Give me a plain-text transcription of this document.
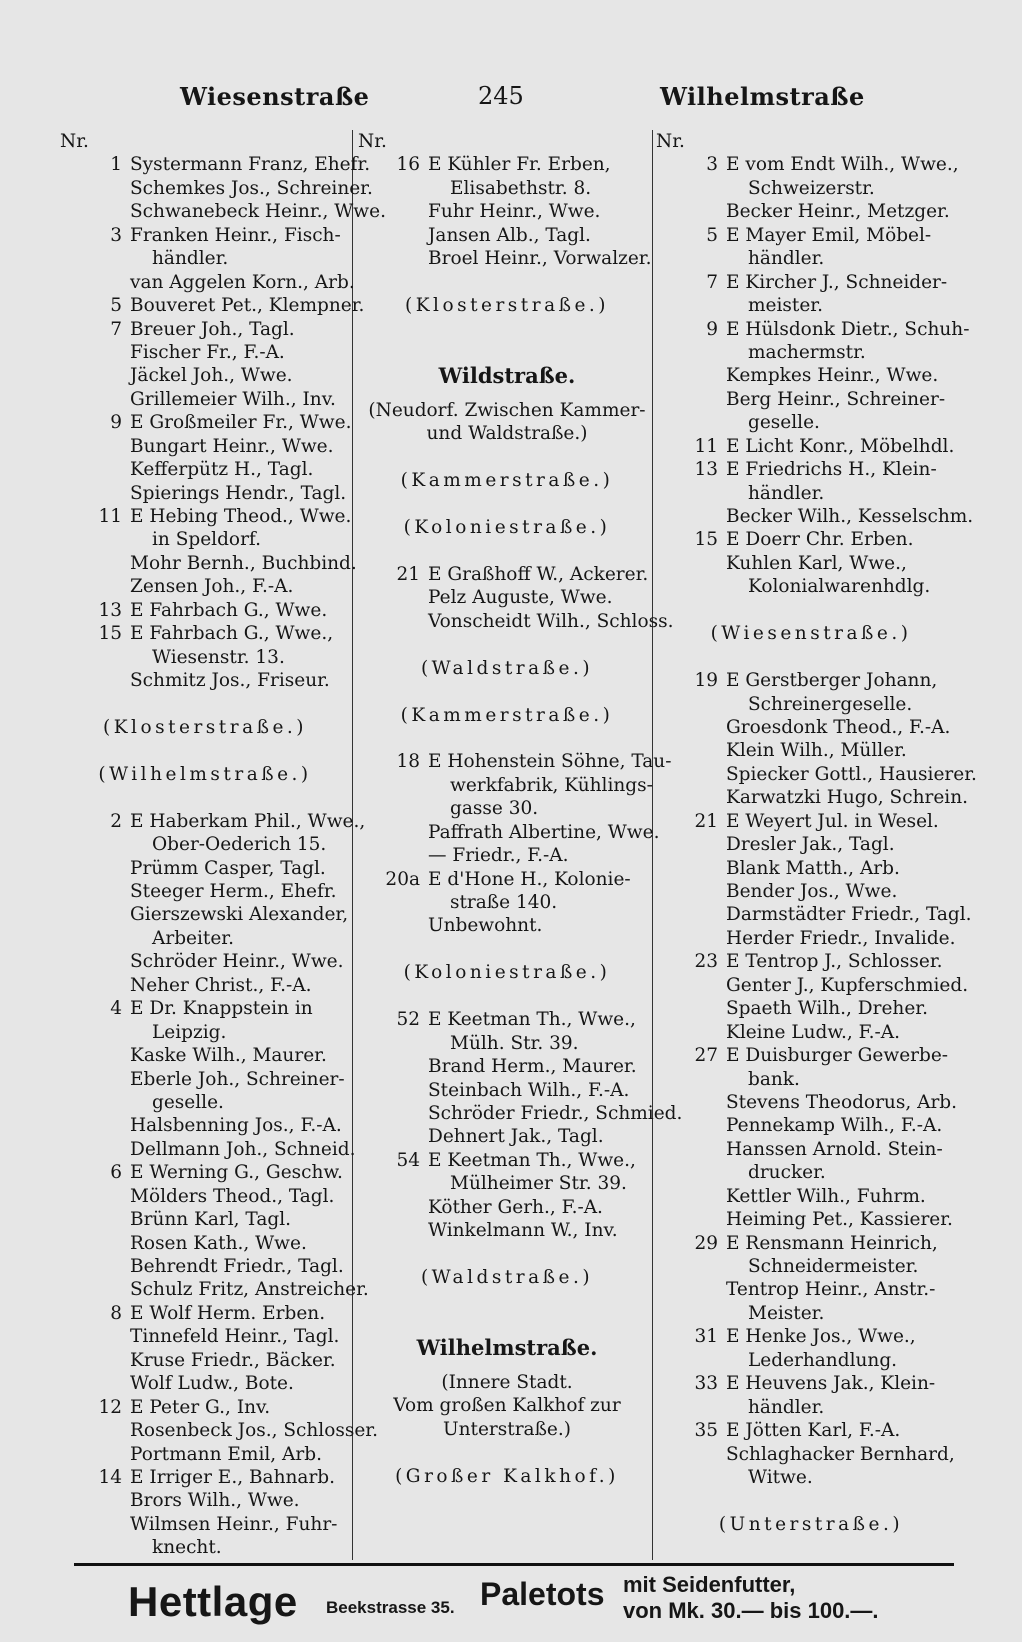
Wiesenstraße	245	Wilhelmstraße
Nr.
1 Systermann Franz, Ehefr.
Schemkes Jos., Schreiner.
Schwanebeck Heinr., Wwe.
3 Franken Heinr., Fisch-
händler.
van Aggelen Korn., Arb.
5 Bouveret Pet., Klempner.
7 Breuer Joh., Tagl.
Fischer Fr., F.-A.
Jäckel Joh., Wwe.
Grillemeier Wilh., Inv.
9 E Großmeiler Fr., Wwe.
Bungart Heinr., Wwe.
Kefferpütz H., Tagl.
Spierings Hendr., Tagl.
11 E Hebing Theod., Wwe.
in Speldorf.
Mohr Bernh., Buchbind.
Zensen Joh., F.-A.
13 E Fahrbach G., Wwe.
15 E Fahrbach G., Wwe.,
Wiesenstr. 13.
Schmitz Jos., Friseur.
(Klosterstraße.)
(Wilhelmstraße.)
2 E Haberkam Phil., Wwe.,
Ober-Oederich 15.
Prümm Casper, Tagl.
Steeger Herm., Ehefr.
Gierszewski Alexander,
Arbeiter.
Schröder Heinr., Wwe.
Neher Christ., F.-A.
4 E Dr. Knappstein in
Leipzig.
Kaske Wilh., Maurer.
Eberle Joh., Schreiner-
geselle.
Halsbenning Jos., F.-A.
Dellmann Joh., Schneid.
6 E Werning G., Geschw.
Mölders Theod., Tagl.
Brünn Karl, Tagl.
Rosen Kath., Wwe.
Behrendt Friedr., Tagl.
Schulz Fritz, Anstreicher.
8 E Wolf Herm. Erben.
Tinnefeld Heinr., Tagl.
Kruse Friedr., Bäcker.
Wolf Ludw., Bote.
12 E Peter G., Inv.
Rosenbeck Jos., Schlosser.
Portmann Emil, Arb.
14 E Irriger E., Bahnarb.
Brors Wilh., Wwe.
Wilmsen Heinr., Fuhr-
knecht.
Nr.
16 E Kühler Fr. Erben,
Elisabethstr. 8.
Fuhr Heinr., Wwe.
Jansen Alb., Tagl.
Broel Heinr., Vorwalzer.
(Klosterstraße.)
Wildstraße.
(Neudorf. Zwischen Kammer-
und Waldstraße.)
(Kammerstraße.)
(Koloniestraße.)
21 E Graßhoff W., Ackerer.
Pelz Auguste, Wwe.
Vonscheidt Wilh., Schloss.
(Waldstraße.)
(Kammerstraße.)
18 E Hohenstein Söhne, Tau-
werkfabrik, Kühlings-
gasse 30.
Paffrath Albertine, Wwe.
— Friedr., F.-A.
20a E d'Hone H., Kolonie-
straße 140.
Unbewohnt.
(Koloniestraße.)
52 E Keetman Th., Wwe.,
Mülh. Str. 39.
Brand Herm., Maurer.
Steinbach Wilh., F.-A.
Schröder Friedr., Schmied.
Dehnert Jak., Tagl.
54 E Keetman Th., Wwe.,
Mülheimer Str. 39.
Köther Gerh., F.-A.
Winkelmann W., Inv.
(Waldstraße.)
Wilhelmstraße.
(Innere Stadt.
Vom großen Kalkhof zur
Unterstraße.)
(Großer Kalkhof.)
Nr.
3 E vom Endt Wilh., Wwe.,
Schweizerstr.
Becker Heinr., Metzger.
5 E Mayer Emil, Möbel-
händler.
7 E Kircher J., Schneider-
meister.
9 E Hülsdonk Dietr., Schuh-
machermstr.
Kempkes Heinr., Wwe.
Berg Heinr., Schreiner-
geselle.
11 E Licht Konr., Möbelhdl.
13 E Friedrichs H., Klein-
händler.
Becker Wilh., Kesselschm.
15 E Doerr Chr. Erben.
Kuhlen Karl, Wwe.,
Kolonialwarenhdlg.
(Wiesenstraße.)
19 E Gerstberger Johann,
Schreinergeselle.
Groesdonk Theod., F.-A.
Klein Wilh., Müller.
Spiecker Gottl., Hausierer.
Karwatzki Hugo, Schrein.
21 E Weyert Jul. in Wesel.
Dresler Jak., Tagl.
Blank Matth., Arb.
Bender Jos., Wwe.
Darmstädter Friedr., Tagl.
Herder Friedr., Invalide.
23 E Tentrop J., Schlosser.
Genter J., Kupferschmied.
Spaeth Wilh., Dreher.
Kleine Ludw., F.-A.
27 E Duisburger Gewerbe-
bank.
Stevens Theodorus, Arb.
Pennekamp Wilh., F.-A.
Hanssen Arnold. Stein-
drucker.
Kettler Wilh., Fuhrm.
Heiming Pet., Kassierer.
29 E Rensmann Heinrich,
Schneidermeister.
Tentrop Heinr., Anstr.-
Meister.
31 E Henke Jos., Wwe.,
Lederhandlung.
33 E Heuvens Jak., Klein-
händler.
35 E Jötten Karl, F.-A.
Schlaghacker Bernhard,
Witwe.
(Unterstraße.)
Hettlage Beekstrasse 35. Paletots mit Seidenfutter,
von Mk. 30.— bis 100.—.
